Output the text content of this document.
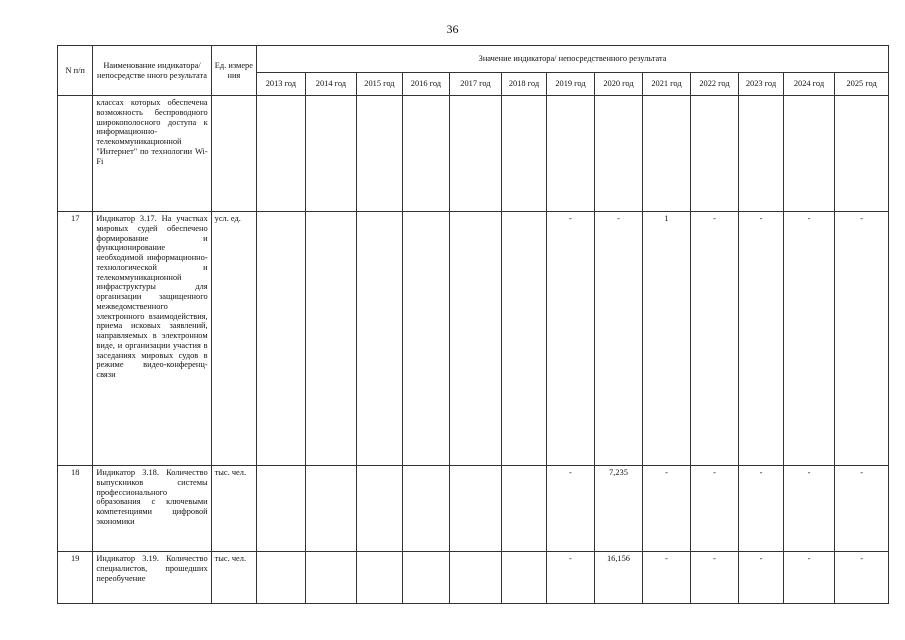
36
N п/п	Наименование индикатора/непосредстве нного результата	Ед. измере ния	Значение индикатора/ непосредственного результата												
			2013 год	2014 год	2015 год	2016 год	2017 год	2018 год	2019 год	2020 год	2021 год	2022 год	2023 год	2024 год	2025 год
	классах которых обеспечена возможность беспроводного широкополосного доступа к информационно-телекоммуникационной "Интернет" по технологии Wi-Fi														
17	Индикатор 3.17. На участках мировых судей обеспечено формирование и функционирование необходимой информационно-технологической и телекоммуникационной инфраструктуры для организации защищенного межведомственного электронного взаимодействия, приема исковых заявлений, направляемых в электронном виде, и организации участия в заседаниях мировых судов в режиме видео-конференц-связи	усл. ед.							-	-	1	-	-	-	-
18	Индикатор 3.18. Количество выпускников системы профессионального образования с ключевыми компетенциями цифровой экономики	тыс. чел.							-	7,235	-	-	-	-	-
19	Индикатор 3.19. Количество специалистов, прошедших переобучение	тыс. чел.							-	16,156	-	-	-	-	-
